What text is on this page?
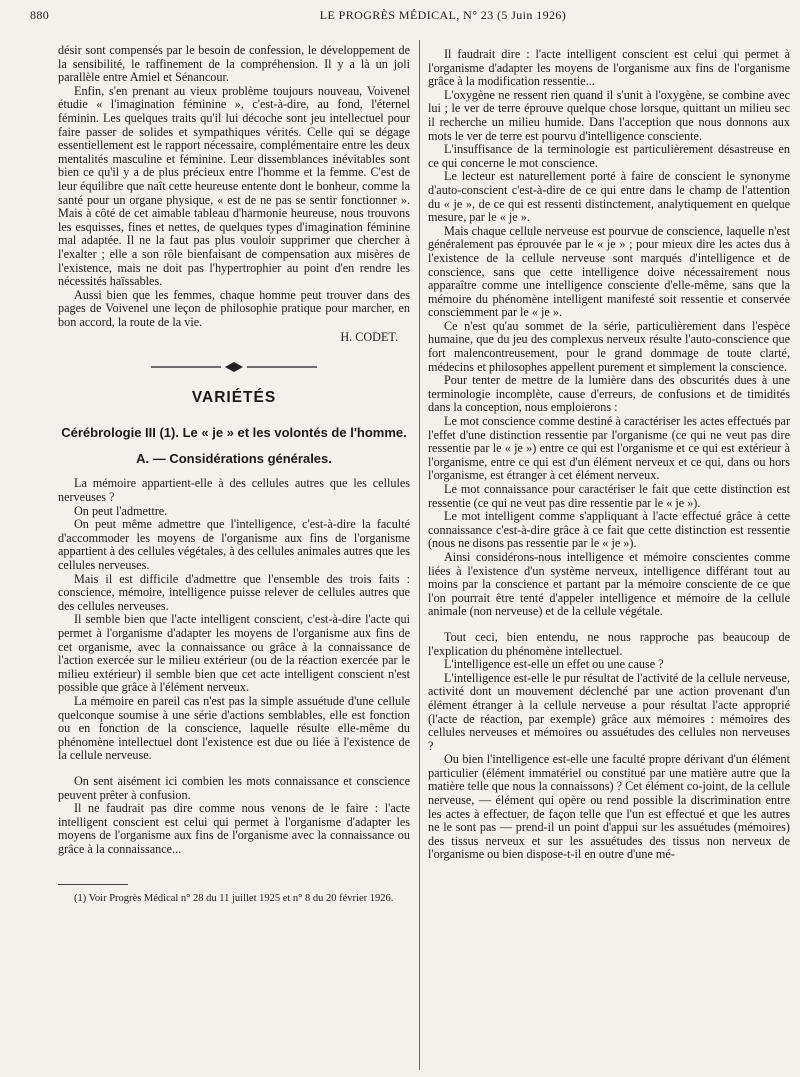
880	LE PROGRÈS MÉDICAL, N° 23 (5 Juin 1926)

désir sont compensés par le besoin de confession, le développement de la sensibilité, le raffinement de la compréhension. Il y a là un joli parallèle entre Amiel et Sénancour.

Enfin, s'en prenant au vieux problème toujours nouveau, Voivenel étudie « l'imagination féminine », c'est-à-dire, au fond, l'éternel féminin. Les quelques traits qu'il lui décoche sont jeu intellectuel pour faire passer de solides et sympathiques vérités. Celle qui se dégage essentiellement est le rapport nécessaire, complémentaire entre les deux mentalités masculine et féminine. Leur dissemblances inévitables sont bien ce qu'il y a de plus précieux entre l'homme et la femme. C'est de leur équilibre que naît cette heureuse entente dont le bonheur, comme la santé pour un organe physique, « est de ne pas se sentir fonctionner ». Mais à côté de cet aimable tableau d'harmonie heureuse, nous trouvons les esquisses, fines et nettes, de quelques types d'imagination féminine mal adaptée. Il ne la faut pas plus vouloir supprimer que chercher à l'exalter ; elle a son rôle bienfaisant de compensation aux misères de l'existence, mais ne doit pas l'hypertrophier au point d'en rendre les nécessités haïssables.

Aussi bien que les femmes, chaque homme peut trouver dans des pages de Voivenel une leçon de philosophie pratique pour marcher, en bon accord, la route de la vie.

H. CODET.
VARIÉTÉS
Cérébrologie III (1). Le « je » et les volontés de l'homme.
A. — Considérations générales.

La mémoire appartient-elle à des cellules autres que les cellules nerveuses ?

On peut l'admettre.

On peut même admettre que l'intelligence, c'est-à-dire la faculté d'accommoder les moyens de l'organisme aux fins de l'organisme appartient à des cellules végétales, à des cellules animales autres que les cellules nerveuses.

Mais il est difficile d'admettre que l'ensemble des trois faits : conscience, mémoire, intelligence puisse relever de cellules autres que des cellules nerveuses.

Il semble bien que l'acte intelligent conscient, c'est-à-dire l'acte qui permet à l'organisme d'adapter les moyens de l'organisme aux fins de cet organisme, avec la connaissance ou grâce à la connaissance de l'action exercée sur le milieu extérieur (ou de la réaction exercée par le milieu extérieur) il semble bien que cet acte intelligent conscient n'est possible que grâce à l'élément nerveux.

La mémoire en pareil cas n'est pas la simple assuétude d'une cellule quelconque soumise à une série d'actions semblables, elle est fonction ou en fonction de la conscience, laquelle résulte elle-même du phénomène intellectuel dont l'existence est due ou liée à l'existence de la cellule nerveuse.

On sent aisément ici combien les mots connaissance et conscience peuvent prêter à confusion.

Il ne faudrait pas dire comme nous venons de le faire : l'acte intelligent conscient est celui qui permet à l'organisme d'adapter les moyens de l'organisme aux fins de l'organisme avec la connaissance ou grâce à la connaissance...

(1) Voir Progrès Médical n° 28 du 11 juillet 1925 et n° 8 du 20 février 1926.

Il faudrait dire : l'acte intelligent conscient est celui qui permet à l'organisme d'adapter les moyens de l'organisme aux fins de l'organisme grâce à la modification ressentie...

L'oxygène ne ressent rien quand il s'unit à l'oxygène, se combine avec lui ; le ver de terre éprouve quelque chose lorsque, quittant un milieu sec il recherche un milieu humide. Dans l'acception que nous donnons aux mots le ver de terre est pourvu d'intelligence consciente.

L'insuffisance de la terminologie est particulièrement désastreuse en ce qui concerne le mot conscience.

Le lecteur est naturellement porté à faire de conscient le synonyme d'auto-conscient c'est-à-dire de ce qui entre dans le champ de l'attention du « je », de ce qui est ressenti distinctement, analytiquement en quelque mesure, par le « je ».

Mais chaque cellule nerveuse est pourvue de conscience, laquelle n'est généralement pas éprouvée par le « je » ; pour mieux dire les actes dus à l'existence de la cellule nerveuse sont marqués d'intelligence et de conscience, sans que cette intelligence doive nécessairement nous apparaître comme une intelligence consciente d'elle-même, sans que la mémoire du phénomène intelligent manifesté soit ressentie et conservée consciemment par le « je ».

Ce n'est qu'au sommet de la série, particulièrement dans l'espèce humaine, que du jeu des complexus nerveux résulte l'auto-conscience que fort malencontreusement, pour le grand dommage de toute clarté, médecins et philosophes appellent purement et simplement la conscience.

Pour tenter de mettre de la lumière dans des obscurités dues à une terminologie incomplète, cause d'erreurs, de confusions et de timidités dans la conception, nous emploierons :

Le mot conscience comme destiné à caractériser les actes effectués par l'effet d'une distinction ressentie par l'organisme (ce qui ne veut pas dire ressentie par le « je ») entre ce qui est l'organisme et ce qui est extérieur à l'organisme, entre ce qui est d'un élément nerveux et ce qui, dans ou hors l'organisme, est étranger à cet élément nerveux.

Le mot connaissance pour caractériser le fait que cette distinction est ressentie (ce qui ne veut pas dire ressentie par le « je »).

Le mot intelligent comme s'appliquant à l'acte effectué grâce à cette connaissance c'est-à-dire grâce à ce fait que cette distinction est ressentie (nous ne disons pas ressentie par le « je »).

Ainsi considérons-nous intelligence et mémoire conscientes comme liées à l'existence d'un système nerveux, intelligence différant tout au moins par la conscience et partant par la mémoire consciente de ce que l'on pourrait être tenté d'appeler intelligence et mémoire de la cellule animale (non nerveuse) et de la cellule végétale.

Tout ceci, bien entendu, ne nous rapproche pas beaucoup de l'explication du phénomène intellectuel.

L'intelligence est-elle un effet ou une cause ?

L'intelligence est-elle le pur résultat de l'activité de la cellule nerveuse, activité dont un mouvement déclenché par une action provenant d'un élément étranger à la cellule nerveuse a pour résultat l'acte approprié (l'acte de réaction, par exemple) grâce aux mémoires : mémoires des cellules nerveuses et mémoires ou assuétudes des cellules non nerveuses ?

Ou bien l'intelligence est-elle une faculté propre dérivant d'un élément particulier (élément immatériel ou constitué par une matière autre que la matière telle que nous la connaissons) ? Cet élément co-joint, de la cellule nerveuse, — élément qui opère ou rend possible la discrimination entre les actes à effectuer, de façon telle que l'un est effectué et que les autres ne le sont pas — prend-il un point d'appui sur les assuétudes (mémoires) des tissus nerveux et sur les assuétudes des tissus non nerveux de l'organisme ou bien dispose-t-il en outre d'une mé-
